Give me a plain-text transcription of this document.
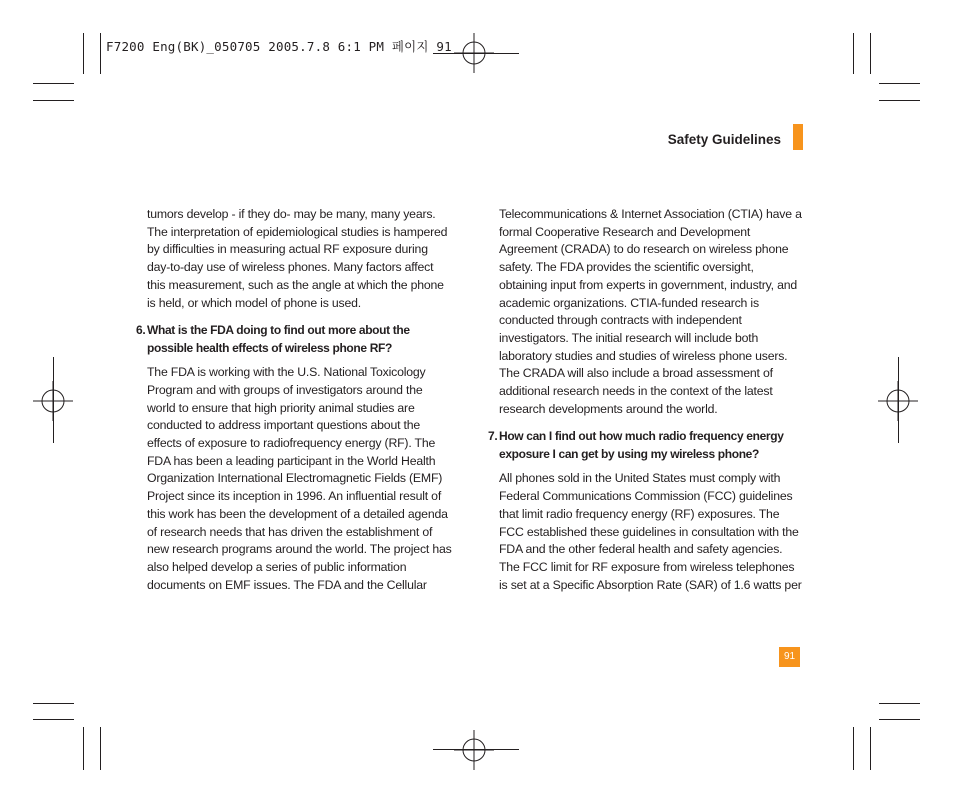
F7200 Eng(BK)_050705 2005.7.8 6:1 PM 페이지 91
Safety Guidelines

tumors develop - if they do- may be many, many years. The interpretation of epidemiological studies is hampered by difficulties in measuring actual RF exposure during day-to-day use of wireless phones. Many factors affect this measurement, such as the angle at which the phone is held, or which model of phone is used.

6. What is the FDA doing to find out more about the possible health effects of wireless phone RF?

The FDA is working with the U.S. National Toxicology Program and with groups of investigators around the world to ensure that high priority animal studies are conducted to address important questions about the effects of exposure to radiofrequency energy (RF). The FDA has been a leading participant in the World Health Organization International Electromagnetic Fields (EMF) Project since its inception in 1996. An influential result of this work has been the development of a detailed agenda of research needs that has driven the establishment of new research programs around the world. The project has also helped develop a series of public information documents on EMF issues. The FDA and the Cellular

Telecommunications & Internet Association (CTIA) have a formal Cooperative Research and Development Agreement (CRADA) to do research on wireless phone safety. The FDA provides the scientific oversight, obtaining input from experts in government, industry, and academic organizations. CTIA-funded research is conducted through contracts with independent investigators. The initial research will include both laboratory studies and studies of wireless phone users. The CRADA will also include a broad assessment of additional research needs in the context of the latest research developments around the world.

7. How can I find out how much radio frequency energy exposure I can get by using my wireless phone?

All phones sold in the United States must comply with Federal Communications Commission (FCC) guidelines that limit radio frequency energy (RF) exposures. The FCC established these guidelines in consultation with the FDA and the other federal health and safety agencies. The FCC limit for RF exposure from wireless telephones is set at a Specific Absorption Rate (SAR) of 1.6 watts per

91
